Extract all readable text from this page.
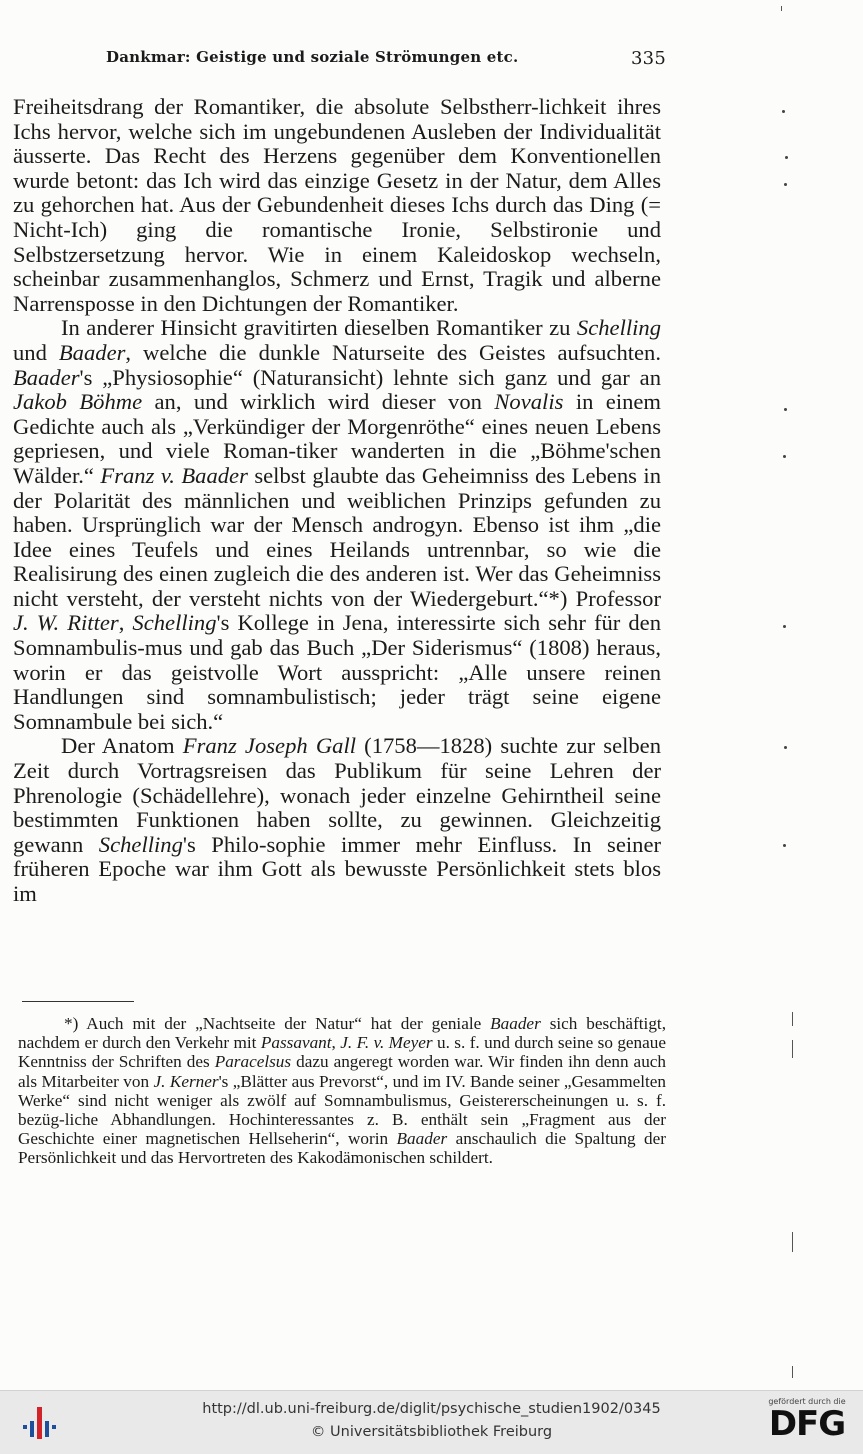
Dankmar: Geistige und soziale Strömungen etc.	335

Freiheitsdrang der Romantiker, die absolute Selbstherr-lichkeit ihres Ichs hervor, welche sich im ungebundenen Ausleben der Individualität äusserte. Das Recht des Herzens gegenüber dem Konventionellen wurde betont: das Ich wird das einzige Gesetz in der Natur, dem Alles zu gehorchen hat. Aus der Gebundenheit dieses Ichs durch das Ding (= Nicht-Ich) ging die romantische Ironie, Selbstironie und Selbstzersetzung hervor. Wie in einem Kaleidoskop wechseln, scheinbar zusammenhanglos, Schmerz und Ernst, Tragik und alberne Narrensposse in den Dichtungen der Romantiker.

In anderer Hinsicht gravitirten dieselben Romantiker zu Schelling und Baader, welche die dunkle Naturseite des Geistes aufsuchten. Baader's „Physiosophie“ (Naturansicht) lehnte sich ganz und gar an Jakob Böhme an, und wirklich wird dieser von Novalis in einem Gedichte auch als „Verkündiger der Morgenröthe“ eines neuen Lebens gepriesen, und viele Roman-tiker wanderten in die „Böhme'schen Wälder.“ Franz v. Baader selbst glaubte das Geheimniss des Lebens in der Polarität des männlichen und weiblichen Prinzips gefunden zu haben. Ursprünglich war der Mensch androgyn. Ebenso ist ihm „die Idee eines Teufels und eines Heilands untrennbar, so wie die Realisirung des einen zugleich die des anderen ist. Wer das Geheimniss nicht versteht, der versteht nichts von der Wiedergeburt.“*) Professor J. W. Ritter, Schelling's Kollege in Jena, interessirte sich sehr für den Somnambulis-mus und gab das Buch „Der Siderismus“ (1808) heraus, worin er das geistvolle Wort ausspricht: „Alle unsere reinen Handlungen sind somnambulistisch; jeder trägt seine eigene Somnambule bei sich.“

Der Anatom Franz Joseph Gall (1758—1828) suchte zur selben Zeit durch Vortragsreisen das Publikum für seine Lehren der Phrenologie (Schädellehre), wonach jeder einzelne Gehirntheil seine bestimmten Funktionen haben sollte, zu gewinnen. Gleichzeitig gewann Schelling's Philo-sophie immer mehr Einfluss. In seiner früheren Epoche war ihm Gott als bewusste Persönlichkeit stets blos im

*) Auch mit der „Nachtseite der Natur“ hat der geniale Baader sich beschäftigt, nachdem er durch den Verkehr mit Passavant, J. F. v. Meyer u. s. f. und durch seine so genaue Kenntniss der Schriften des Paracelsus dazu angeregt worden war. Wir finden ihn denn auch als Mitarbeiter von J. Kerner's „Blätter aus Prevorst“, und im IV. Bande seiner „Gesammelten Werke“ sind nicht weniger als zwölf auf Somnambulismus, Geistererscheinungen u. s. f. bezüg-liche Abhandlungen. Hochinteressantes z. B. enthält sein „Fragment aus der Geschichte einer magnetischen Hellseherin“, worin Baader anschaulich die Spaltung der Persönlichkeit und das Hervortreten des Kakodämonischen schildert.

http://dl.ub.uni-freiburg.de/diglit/psychische_studien1902/0345
© Universitätsbibliothek Freiburg
gefördert durch die
DFG
